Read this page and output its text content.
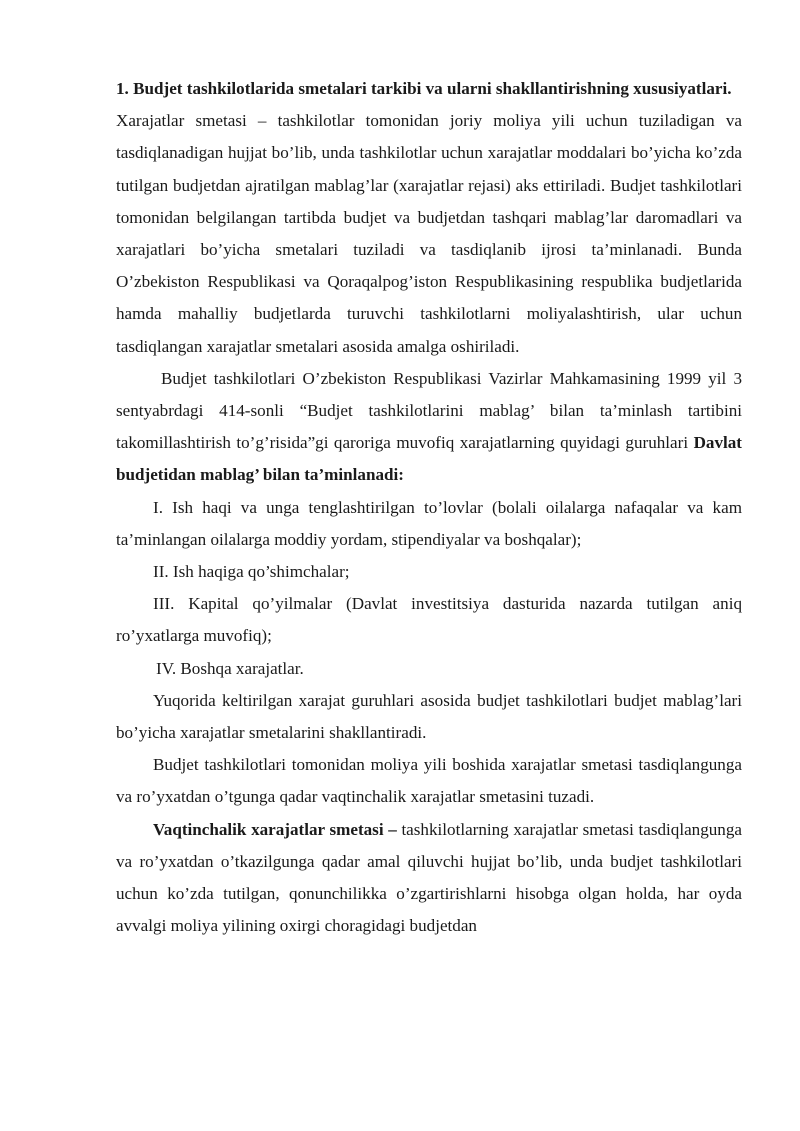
1. Budjet tashkilotlarida smetalari tarkibi va ularni shakllantirishning xususiyatlari.

Xarajatlar smetasi – tashkilotlar tomonidan joriy moliya yili uchun tuziladigan va tasdiqlanadigan hujjat bo’lib, unda tashkilotlar uchun xarajatlar moddalari bo’yicha ko’zda tutilgan budjetdan ajratilgan mablag’lar (xarajatlar rejasi) aks ettiriladi. Budjet tashkilotlari tomonidan belgilangan tartibda budjet va budjetdan tashqari mablag’lar daromadlari va xarajatlari bo’yicha smetalari tuziladi va tasdiqlanib ijrosi ta’minlanadi. Bunda O’zbekiston Respublikasi va Qoraqalpog’iston Respublikasining respublika budjetlarida hamda mahalliy budjetlarda turuvchi tashkilotlarni moliyalashtirish, ular uchun tasdiqlangan xarajatlar smetalari asosida amalga oshiriladi.

Budjet tashkilotlari O’zbekiston Respublikasi Vazirlar Mahkamasining 1999 yil 3 sentyabrdagi 414-sonli “Budjet tashkilotlarini mablag’ bilan ta’minlash tartibini takomillashtirish to’g’risida”gi qaroriga muvofiq xarajatlarning quyidagi guruhlari Davlat budjetidan mablag’ bilan ta’minlanadi:

I. Ish haqi va unga tenglashtirilgan to’lovlar (bolali oilalarga nafaqalar va kam ta’minlangan oilalarga moddiy yordam, stipendiyalar va boshqalar);

II. Ish haqiga qo’shimchalar;

III. Kapital qo’yilmalar (Davlat investitsiya dasturida nazarda tutilgan aniq ro’yxatlarga muvofiq);

IV. Boshqa xarajatlar.

Yuqorida keltirilgan xarajat guruhlari asosida budjet tashkilotlari budjet mablag’lari bo’yicha xarajatlar smetalarini shakllantiradi.

Budjet tashkilotlari tomonidan moliya yili boshida xarajatlar smetasi tasdiqlangunga va ro’yxatdan o’tgunga qadar vaqtinchalik xarajatlar smetasini tuzadi.

Vaqtinchalik xarajatlar smetasi – tashkilotlarning xarajatlar smetasi tasdiqlangunga va ro’yxatdan o’tkazilgunga qadar amal qiluvchi hujjat bo’lib, unda budjet tashkilotlari uchun ko’zda tutilgan, qonunchilikka o’zgartirishlarni hisobga olgan holda, har oyda avvalgi moliya yilining oxirgi choragidagi budjetdan
